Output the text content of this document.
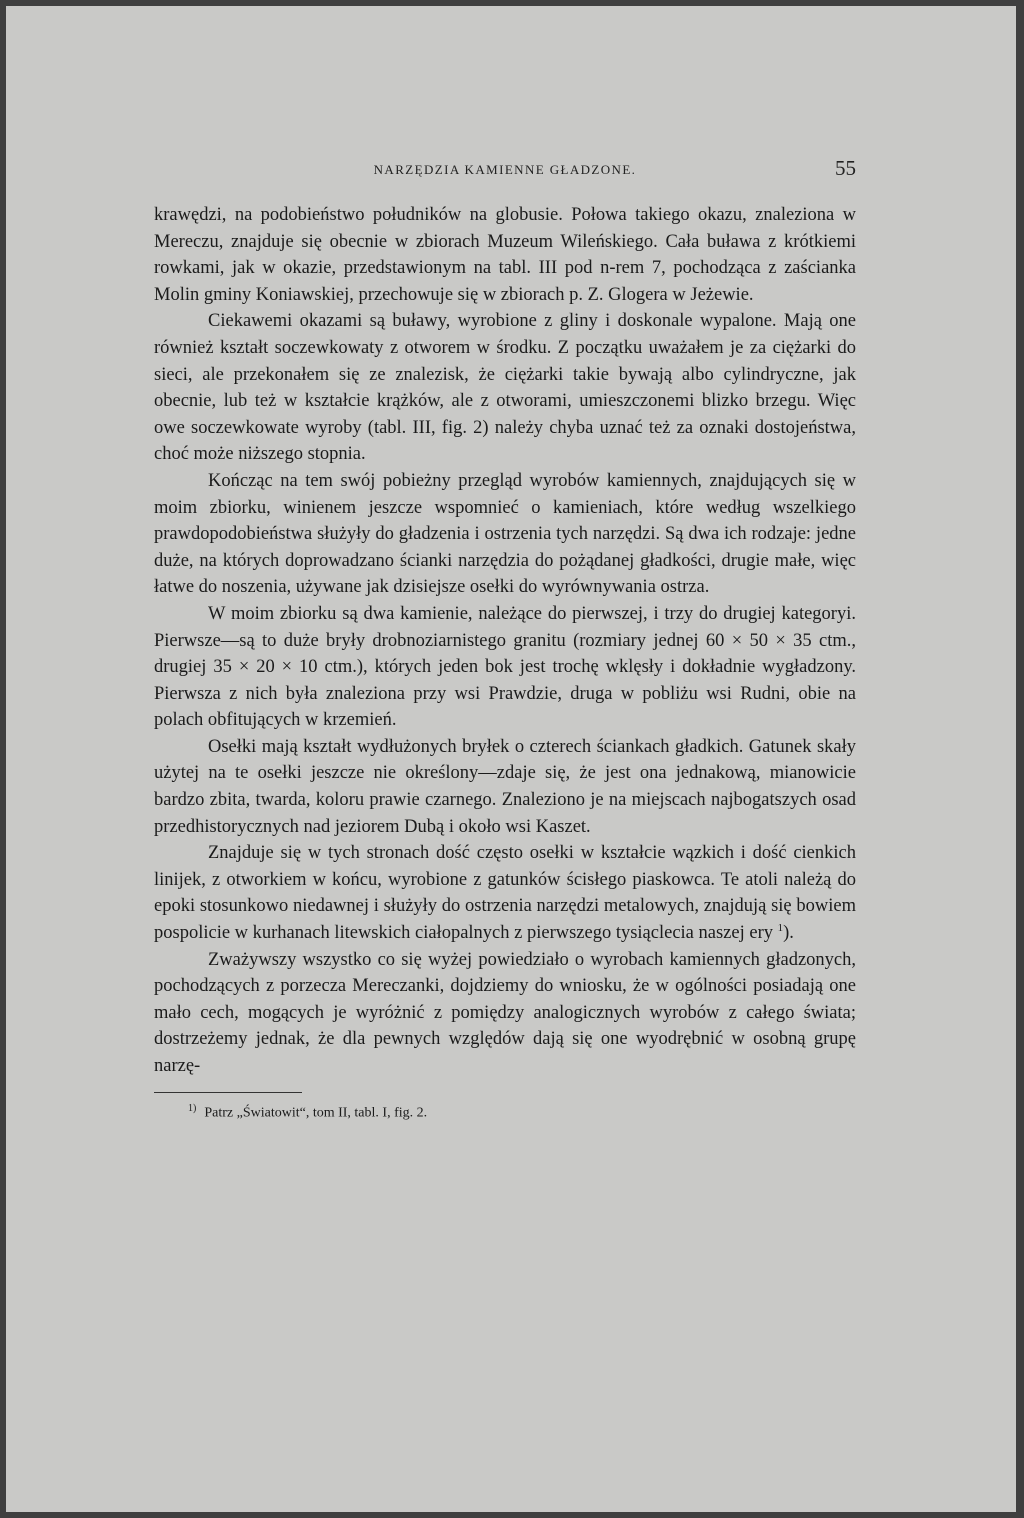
NARZĘDZIA KAMIENNE GŁADZONE.	55

krawędzi, na podobieństwo południków na globusie. Połowa takiego okazu, znaleziona w Mereczu, znajduje się obecnie w zbiorach Muzeum Wileńskiego. Cała buława z krótkiemi rowkami, jak w okazie, przedstawionym na tabl. III pod n-rem 7, pochodząca z zaścianka Molin gminy Koniawskiej, przechowuje się w zbiorach p. Z. Glogera w Jeżewie.

Ciekawemi okazami są buławy, wyrobione z gliny i doskonale wypalone. Mają one również kształt soczewkowaty z otworem w środku. Z początku uważałem je za ciężarki do sieci, ale przekonałem się ze znalezisk, że ciężarki takie bywają albo cylindryczne, jak obecnie, lub też w kształcie krążków, ale z otworami, umieszczonemi blizko brzegu. Więc owe soczewkowate wyroby (tabl. III, fig. 2) należy chyba uznać też za oznaki dostojeństwa, choć może niższego stopnia.

Kończąc na tem swój pobieżny przegląd wyrobów kamiennych, znajdujących się w moim zbiorku, winienem jeszcze wspomnieć o kamieniach, które według wszelkiego prawdopodobieństwa służyły do gładzenia i ostrzenia tych narzędzi. Są dwa ich rodzaje: jedne duże, na których doprowadzano ścianki narzędzia do pożądanej gładkości, drugie małe, więc łatwe do noszenia, używane jak dzisiejsze osełki do wyrównywania ostrza.

W moim zbiorku są dwa kamienie, należące do pierwszej, i trzy do drugiej kategoryi. Pierwsze—są to duże bryły drobnoziarnistego granitu (rozmiary jednej 60 × 50 × 35 ctm., drugiej 35 × 20 × 10 ctm.), których jeden bok jest trochę wklęsły i dokładnie wygładzony. Pierwsza z nich była znaleziona przy wsi Prawdzie, druga w pobliżu wsi Rudni, obie na polach obfitujących w krzemień.

Osełki mają kształt wydłużonych bryłek o czterech ściankach gładkich. Gatunek skały użytej na te osełki jeszcze nie określony—zdaje się, że jest ona jednakową, mianowicie bardzo zbita, twarda, koloru prawie czarnego. Znaleziono je na miejscach najbogatszych osad przedhistorycznych nad jeziorem Dubą i około wsi Kaszet.

Znajduje się w tych stronach dość często osełki w kształcie wązkich i dość cienkich linijek, z otworkiem w końcu, wyrobione z gatunków ścisłego piaskowca. Te atoli należą do epoki stosunkowo niedawnej i służyły do ostrzenia narzędzi metalowych, znajdują się bowiem pospolicie w kurhanach litewskich ciałopalnych z pierwszego tysiąclecia naszej ery $^1$).

Zważywszy wszystko co się wyżej powiedziało o wyrobach kamiennych gładzonych, pochodzących z porzecza Mereczanki, dojdziemy do wniosku, że w ogólności posiadają one mało cech, mogących je wyróżnić z pomiędzy analogicznych wyrobów z całego świata; dostrzeżemy jednak, że dla pewnych względów dają się one wyodrębnić w osobną grupę narzę-

$^{1)}$ Patrz „Światowit“, tom II, tabl. I, fig. 2.
